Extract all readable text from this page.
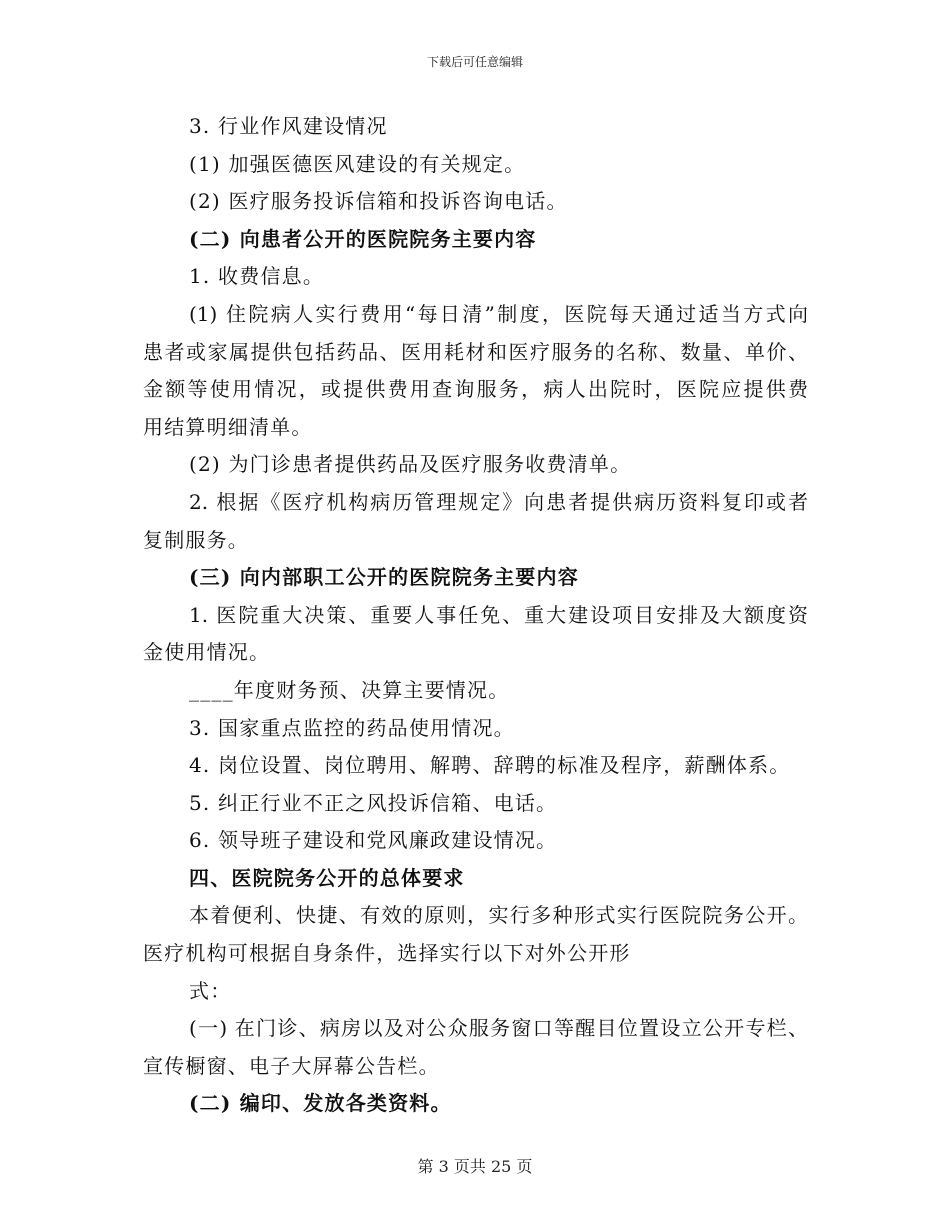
下载后可任意编辑
3. 行业作风建设情况
(1) 加强医德医风建设的有关规定。
(2) 医疗服务投诉信箱和投诉咨询电话。
(二) 向患者公开的医院院务主要内容
1. 收费信息。
(1) 住院病人实行费用“每日清”制度，医院每天通过适当方式向
患者或家属提供包括药品、医用耗材和医疗服务的名称、数量、单价、
金额等使用情况，或提供费用查询服务，病人出院时，医院应提供费
用结算明细清单。
(2) 为门诊患者提供药品及医疗服务收费清单。
2. 根据《医疗机构病历管理规定》向患者提供病历资料复印或者
复制服务。
(三) 向内部职工公开的医院院务主要内容
1. 医院重大决策、重要人事任免、重大建设项目安排及大额度资
金使用情况。
____年度财务预、决算主要情况。
3. 国家重点监控的药品使用情况。
4. 岗位设置、岗位聘用、解聘、辞聘的标准及程序，薪酬体系。
5. 纠正行业不正之风投诉信箱、电话。
6. 领导班子建设和党风廉政建设情况。
四、医院院务公开的总体要求
本着便利、快捷、有效的原则，实行多种形式实行医院院务公开。
医疗机构可根据自身条件，选择实行以下对外公开形
式：
(一) 在门诊、病房以及对公众服务窗口等醒目位置设立公开专栏、
宣传橱窗、电子大屏幕公告栏。
(二) 编印、发放各类资料。
第 3 页共 25 页
